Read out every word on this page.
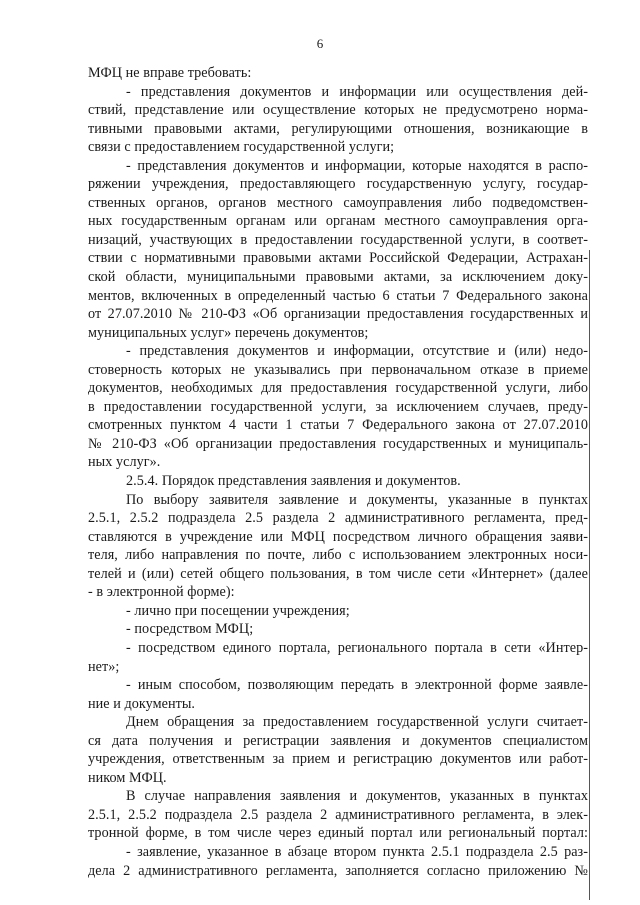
6
МФЦ не вправе требовать:
- представления документов и информации или осуществления дей-
ствий, представление или осуществление которых не предусмотрено норма-
тивными правовыми актами, регулирующими отношения, возникающие в
связи с предоставлением государственной услуги;
- представления документов и информации, которые находятся в распо-
ряжении учреждения, предоставляющего государственную услугу, государ-
ственных органов, органов местного самоуправления либо подведомствен-
ных государственным органам или органам местного самоуправления орга-
низаций, участвующих в предоставлении государственной услуги, в соответ-
ствии с нормативными правовыми актами Российской Федерации, Астрахан-
ской области, муниципальными правовыми актами, за исключением доку-
ментов, включенных в определенный частью 6 статьи 7 Федерального закона
от 27.07.2010 № 210-ФЗ «Об организации предоставления государственных и
муниципальных услуг» перечень документов;
- представления документов и информации, отсутствие и (или) недо-
стоверность которых не указывались при первоначальном отказе в приеме
документов, необходимых для предоставления государственной услуги, либо
в предоставлении государственной услуги, за исключением случаев, преду-
смотренных пунктом 4 части 1 статьи 7 Федерального закона от 27.07.2010
№ 210-ФЗ «Об организации предоставления государственных и муниципаль-
ных услуг».
2.5.4. Порядок представления заявления и документов.
По выбору заявителя заявление и документы, указанные в пунктах
2.5.1, 2.5.2 подраздела 2.5 раздела 2 административного регламента, пред-
ставляются в учреждение или МФЦ посредством личного обращения заяви-
теля, либо направления по почте, либо с использованием электронных носи-
телей и (или) сетей общего пользования, в том числе сети «Интернет» (далее
- в электронной форме):
- лично при посещении учреждения;
- посредством МФЦ;
- посредством единого портала, регионального портала в сети «Интер-
нет»;
- иным способом, позволяющим передать в электронной форме заявле-
ние и документы.
Днем обращения за предоставлением государственной услуги считает-
ся дата получения и регистрации заявления и документов специалистом
учреждения, ответственным за прием и регистрацию документов или работ-
ником МФЦ.
В случае направления заявления и документов, указанных в пунктах
2.5.1, 2.5.2 подраздела 2.5 раздела 2 административного регламента, в элек-
тронной форме, в том числе через единый портал или региональный портал:
- заявление, указанное в абзаце втором пункта 2.5.1 подраздела 2.5 раз-
дела 2 административного регламента, заполняется согласно приложению №
